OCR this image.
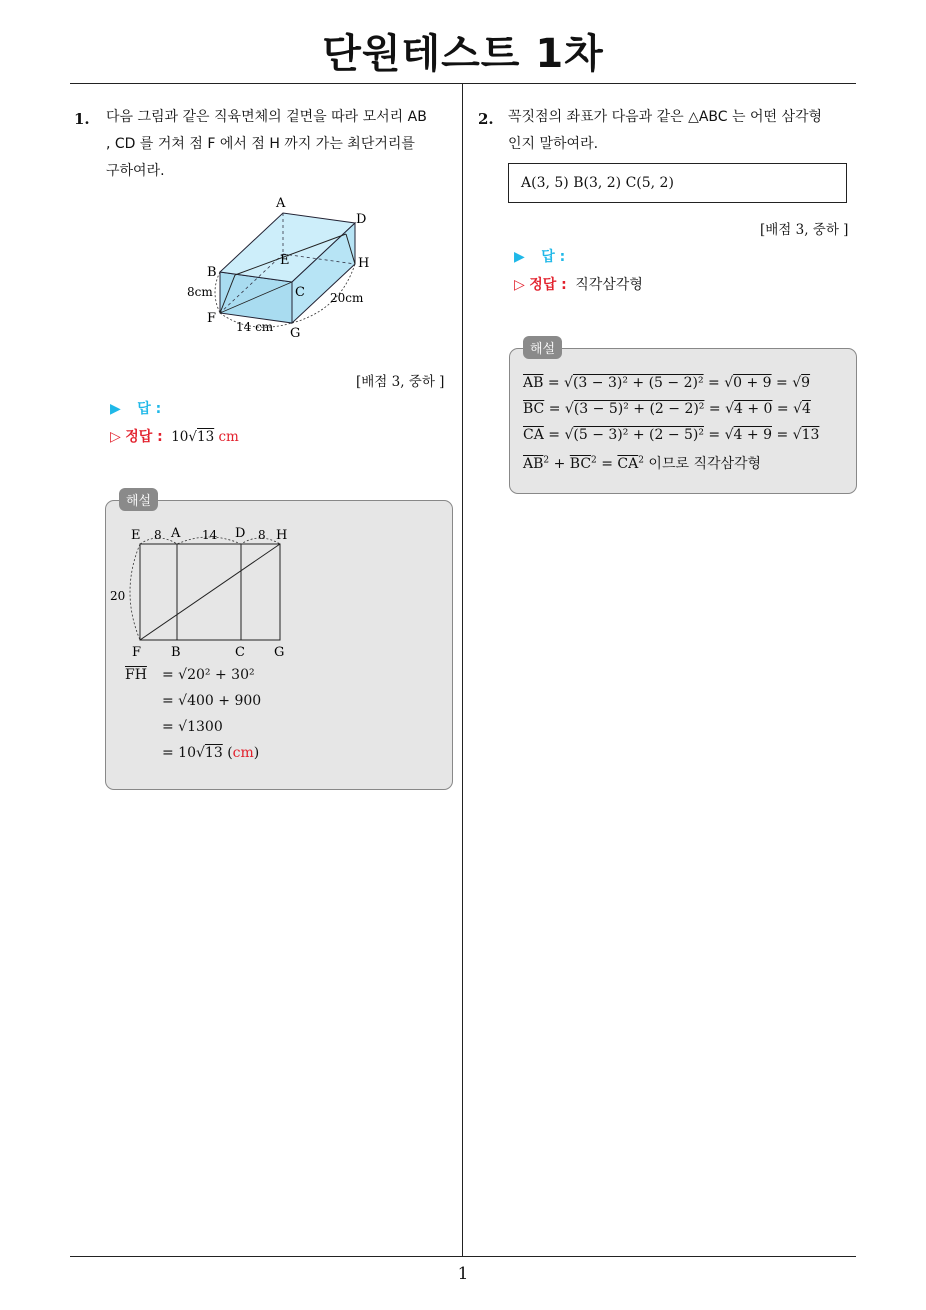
단원테스트 1차
1. 다음 그림과 같은 직육면체의 겉면을 따라 모서리 AB
, CD 를 거쳐 점 F 에서 점 H 까지 가는 최단거리를
구하여라.
A
D
E	H
B
C
F
G
8cm
14 cm
20cm
[배점 3, 중하 ]
▶ 답 :
▷ 정답 : 10√13 cm
해설
E 8 A 14 D 8 H
20
F B	C G
$\overline{FH} = √20^2 + 30^2$
= √400 + 900
= √1300
= 10√13 (cm)
2. 꼭짓점의 좌표가 다음과 같은 △ABC 는 어떤 삼각형
인지 말하여라.
A(3, 5) B(3, 2) C(5, 2)
[배점 3, 중하 ]
▶ 답 :
▷ 정답 : 직각삼각형
해설
$\overline{AB} = √(3 - 3)^2 + (5 - 2)^2 = √0 + 9 = √9$
$\overline{BC} = √(3 - 5)^2 + (2 - 2)^2 = √4 + 0 = √4$
$\overline{CA} = √(5 - 3)^2 + (2 - 5)^2 = √4 + 9 = √13$
$\overline{AB}^2 + \overline{BC}^2 = \overline{CA}^2$ 이므로 직각삼각형
1
